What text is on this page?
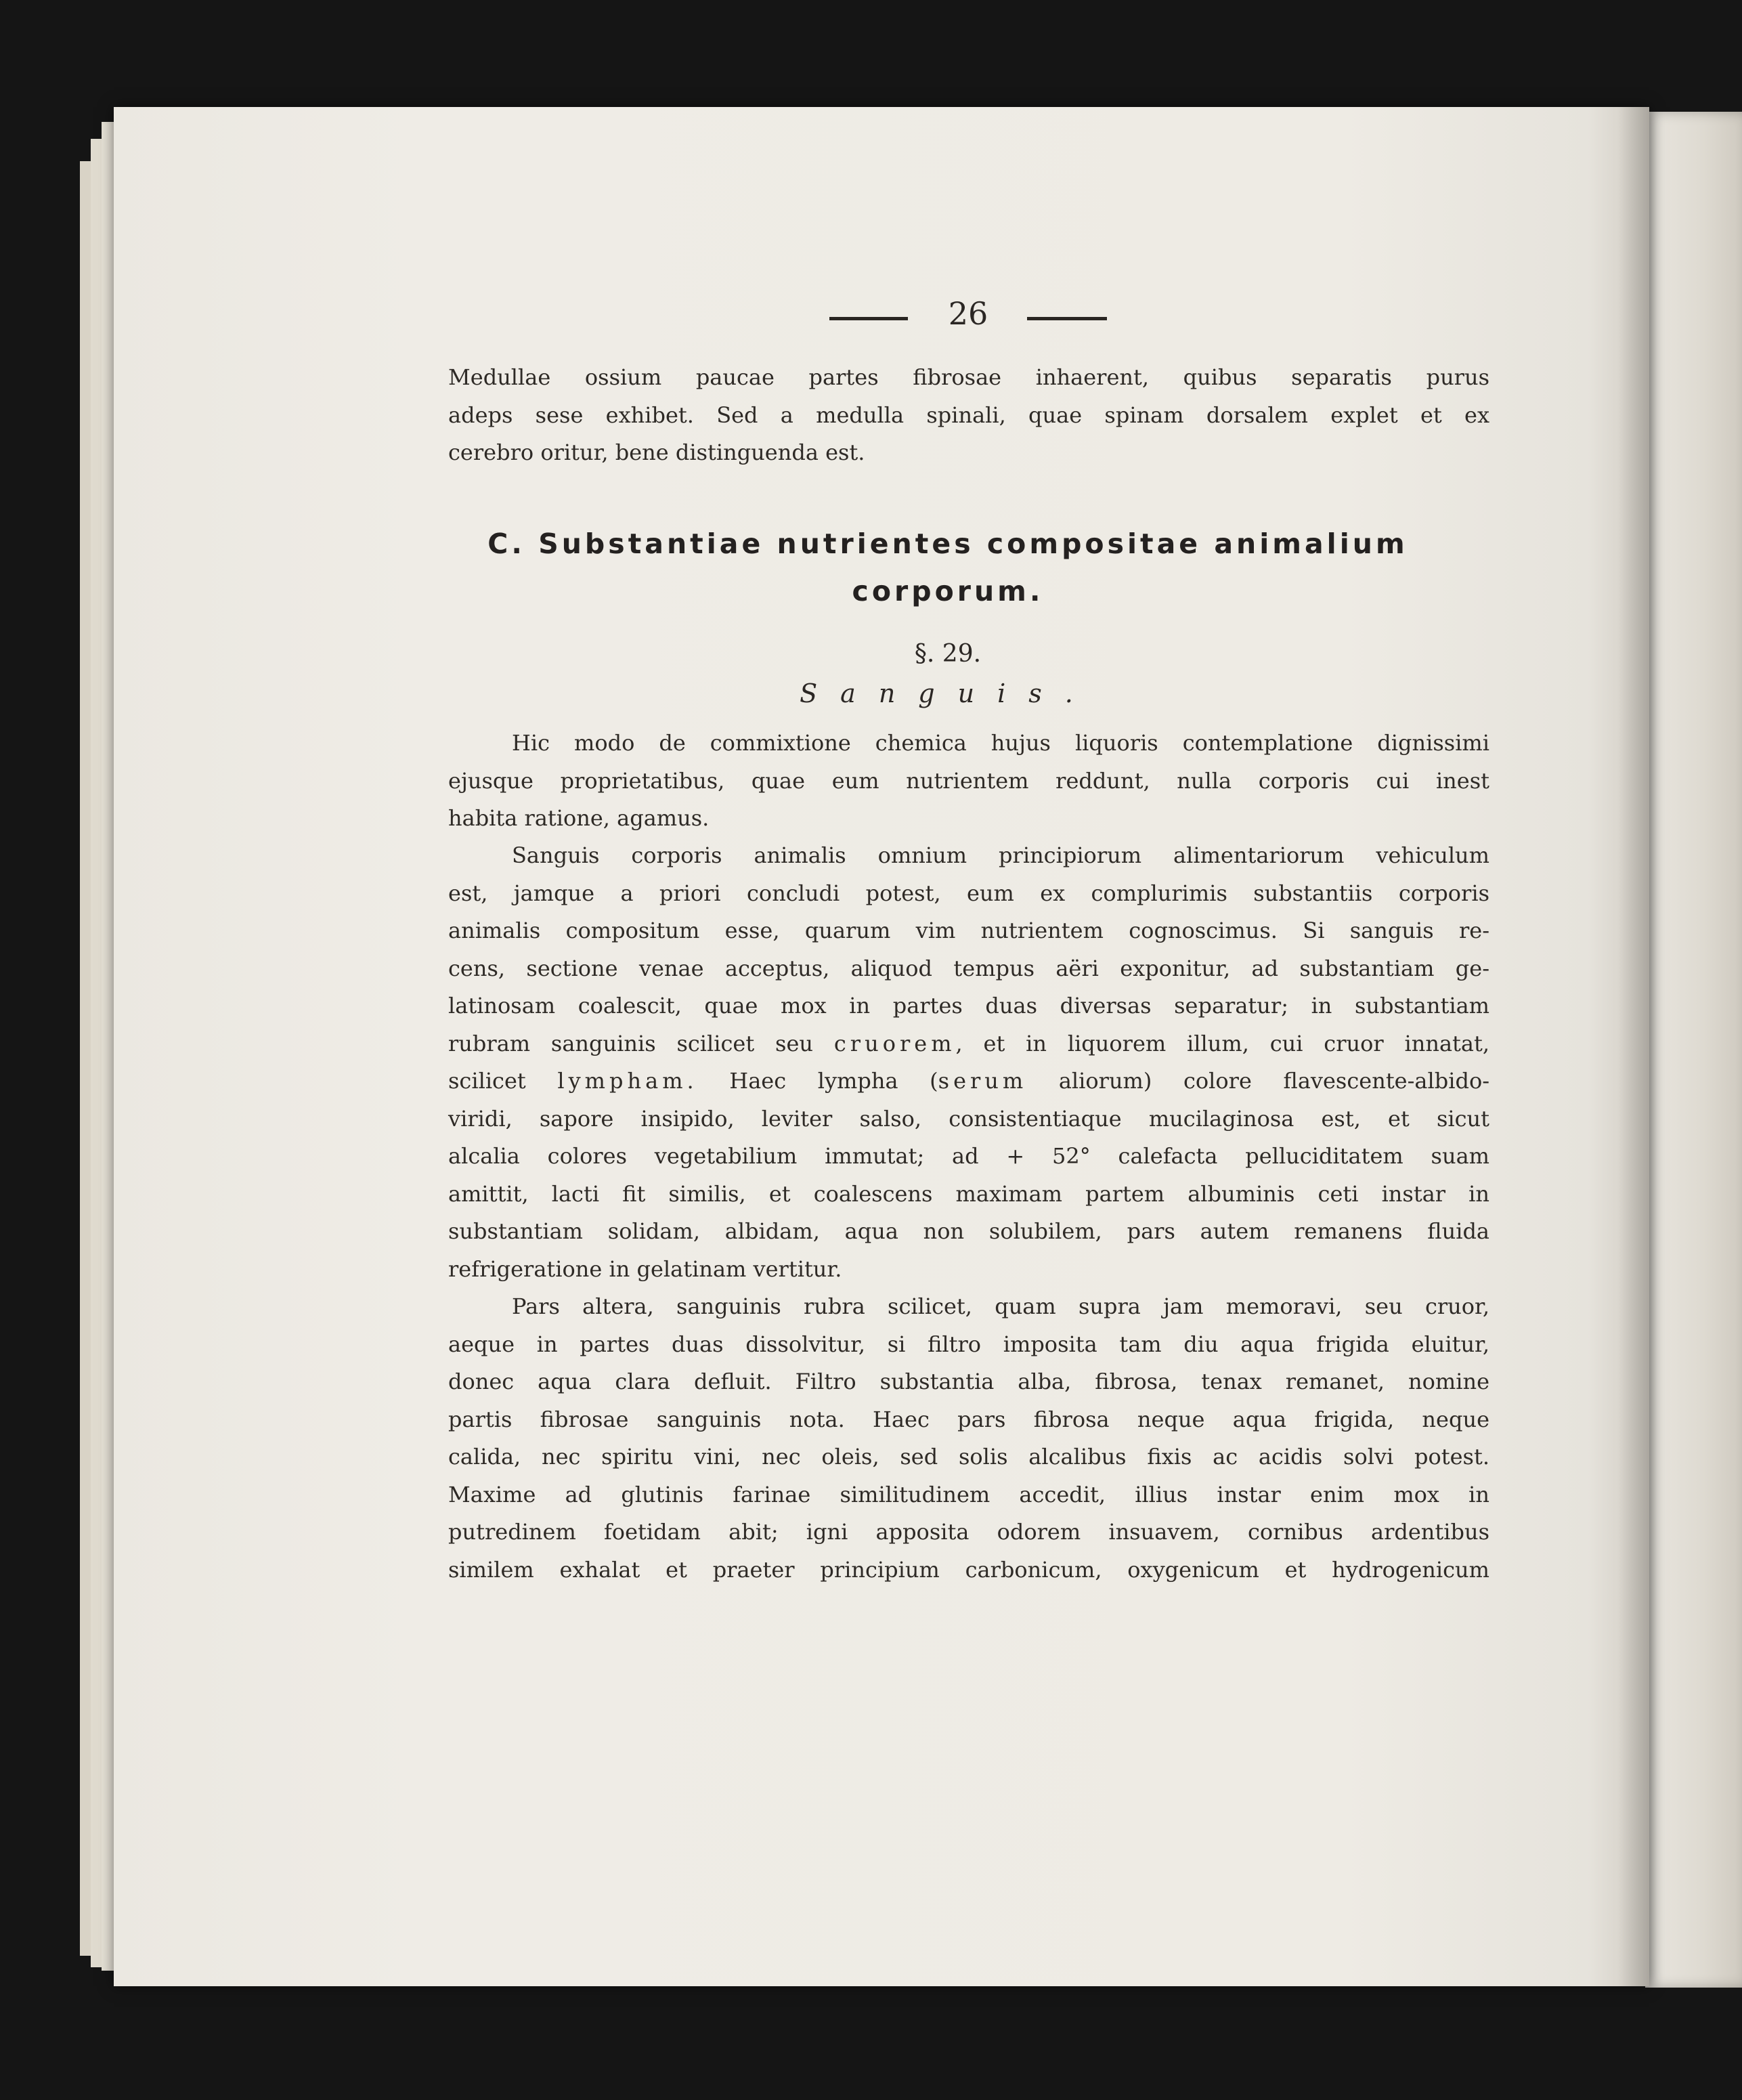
26
Medullae ossium paucae partes fibrosae inhaerent, quibus separatis purus
adeps sese exhibet. Sed a medulla spinali, quae spinam dorsalem explet et ex
cerebro oritur, bene distinguenda est.
C. Substantiae nutrientes compositae animalium
corporum.
§. 29.
Sanguis.
Hic modo de commixtione chemica hujus liquoris contemplatione dignissimi
ejusque proprietatibus, quae eum nutrientem reddunt, nulla corporis cui inest
habita ratione, agamus.
Sanguis corporis animalis omnium principiorum alimentariorum vehiculum
est, jamque a priori concludi potest, eum ex complurimis substantiis corporis
animalis compositum esse, quarum vim nutrientem cognoscimus. Si sanguis re-
cens, sectione venae acceptus, aliquod tempus aëri exponitur, ad substantiam ge-
latinosam coalescit, quae mox in partes duas diversas separatur; in substantiam
rubram sanguinis scilicet seu cruorem, et in liquorem illum, cui cruor innatat,
scilicet lympham. Haec lympha (serum aliorum) colore flavescente-albido-
viridi, sapore insipido, leviter salso, consistentiaque mucilaginosa est, et sicut
alcalia colores vegetabilium immutat; ad + 52° calefacta pelluciditatem suam
amittit, lacti fit similis, et coalescens maximam partem albuminis ceti instar in
substantiam solidam, albidam, aqua non solubilem, pars autem remanens fluida
refrigeratione in gelatinam vertitur.
Pars altera, sanguinis rubra scilicet, quam supra jam memoravi, seu cruor,
aeque in partes duas dissolvitur, si filtro imposita tam diu aqua frigida eluitur,
donec aqua clara defluit. Filtro substantia alba, fibrosa, tenax remanet, nomine
partis fibrosae sanguinis nota. Haec pars fibrosa neque aqua frigida, neque
calida, nec spiritu vini, nec oleis, sed solis alcalibus fixis ac acidis solvi potest.
Maxime ad glutinis farinae similitudinem accedit, illius instar enim mox in
putredinem foetidam abit; igni apposita odorem insuavem, cornibus ardentibus
similem exhalat et praeter principium carbonicum, oxygenicum et hydrogenicum
